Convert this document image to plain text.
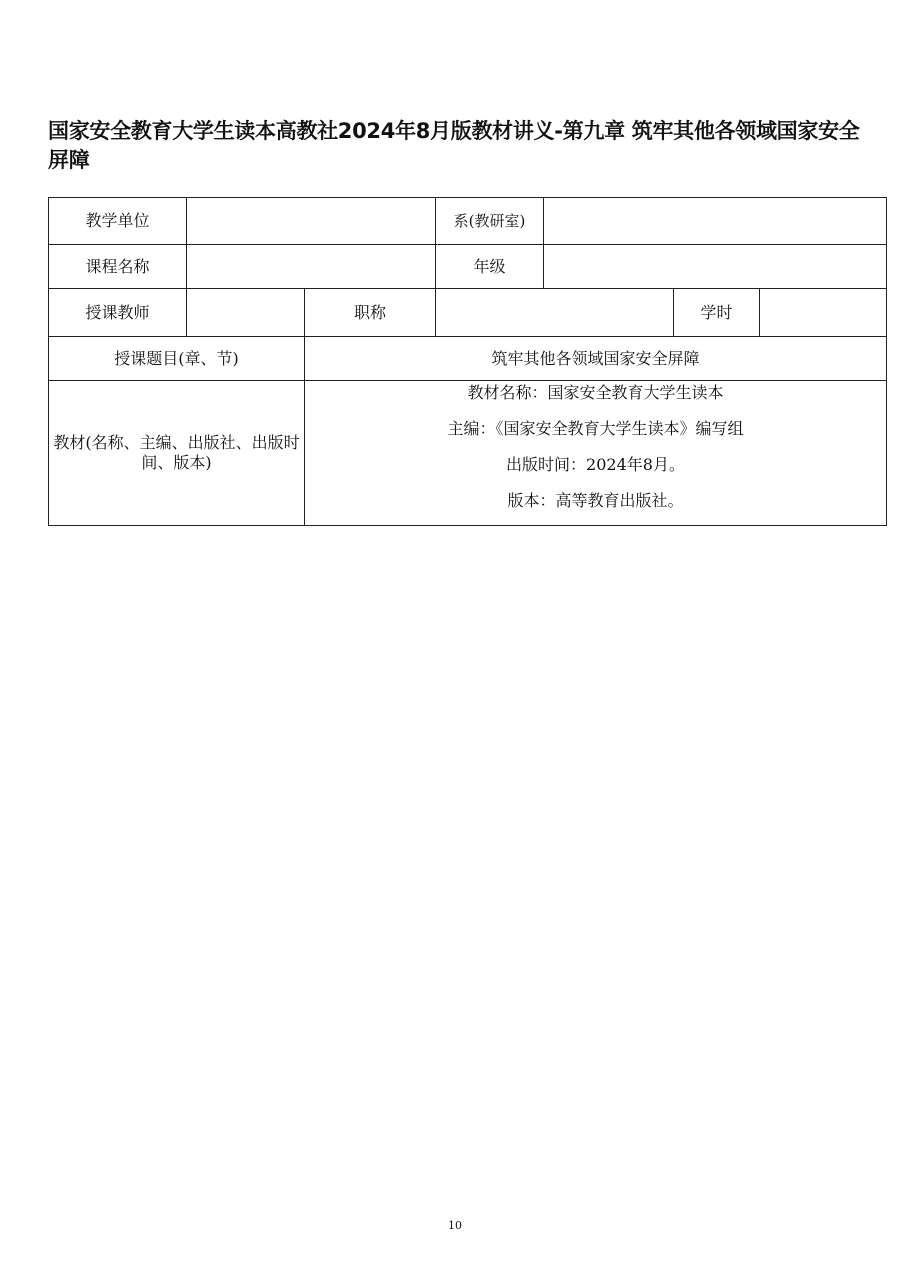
国家安全教育大学生读本高教社2024年8月版教材讲义-第九章 筑牢其他各领域国家安全屏障
教学单位			系(教研室)			
课程名称			年级			
授课教师		职称			学时	
授课题目(章、节)		筑牢其他各领域国家安全屏障				
教材(名称、主编、出版社、出版时间、版本)		教材名称：国家安全教育大学生读本
主编：《国家安全教育大学生读本》编写组
出版时间：2024年8月。
版本：高等教育出版社。				
10
